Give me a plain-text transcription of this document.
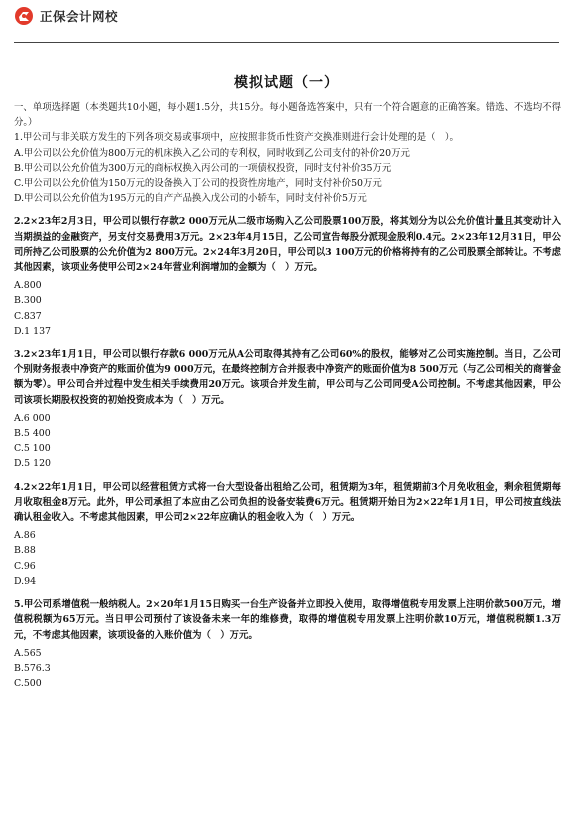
正保会计网校
模拟试题（一）

一、单项选择题（本类题共10小题，每小题1.5分，共15分。每小题备选答案中，只有一个符合题意的正确答案。错选、不选均不得分。）

1.甲公司与非关联方发生的下列各项交易或事项中，应按照非货币性资产交换准则进行会计处理的是（　）。

A.甲公司以公允价值为800万元的机床换入乙公司的专利权，同时收到乙公司支付的补价20万元

B.甲公司以公允价值为300万元的商标权换入丙公司的一项债权投资，同时支付补价35万元

C.甲公司以公允价值为150万元的设备换入丁公司的投资性房地产，同时支付补价50万元

D.甲公司以公允价值为195万元的自产产品换入戊公司的小轿车，同时支付补价5万元

2.2×23年2月3日，甲公司以银行存款2 000万元从二级市场购入乙公司股票100万股，将其划分为以公允价值计量且其变动计入当期损益的金融资产，另支付交易费用3万元。2×23年4月15日，乙公司宣告每股分派现金股利0.4元。2×23年12月31日，甲公司所持乙公司股票的公允价值为2 800万元。2×24年3月20日，甲公司以3 100万元的价格将持有的乙公司股票全部转让。不考虑其他因素，该项业务使甲公司2×24年营业利润增加的金额为（　）万元。

A.800

B.300

C.837

D.1 137

3.2×23年1月1日，甲公司以银行存款6 000万元从A公司取得其持有乙公司60%的股权，能够对乙公司实施控制。当日，乙公司个别财务报表中净资产的账面价值为9 000万元，在最终控制方合并报表中净资产的账面价值为8 500万元（与乙公司相关的商誉金额为零）。甲公司合并过程中发生相关手续费用20万元。该项合并发生前，甲公司与乙公司同受A公司控制。不考虑其他因素，甲公司该项长期股权投资的初始投资成本为（　）万元。

A.6 000

B.5 400

C.5 100

D.5 120

4.2×22年1月1日，甲公司以经营租赁方式将一台大型设备出租给乙公司，租赁期为3年，租赁期前3个月免收租金，剩余租赁期每月收取租金8万元。此外，甲公司承担了本应由乙公司负担的设备安装费6万元。租赁期开始日为2×22年1月1日，甲公司按直线法确认租金收入。不考虑其他因素，甲公司2×22年应确认的租金收入为（　）万元。

A.86

B.88

C.96

D.94

5.甲公司系增值税一般纳税人。2×20年1月15日购买一台生产设备并立即投入使用，取得增值税专用发票上注明价款500万元，增值税税额为65万元。当日甲公司预付了该设备未来一年的维修费，取得的增值税专用发票上注明价款10万元，增值税税额1.3万元，不考虑其他因素，该项设备的入账价值为（　）万元。

A.565

B.576.3

C.500
